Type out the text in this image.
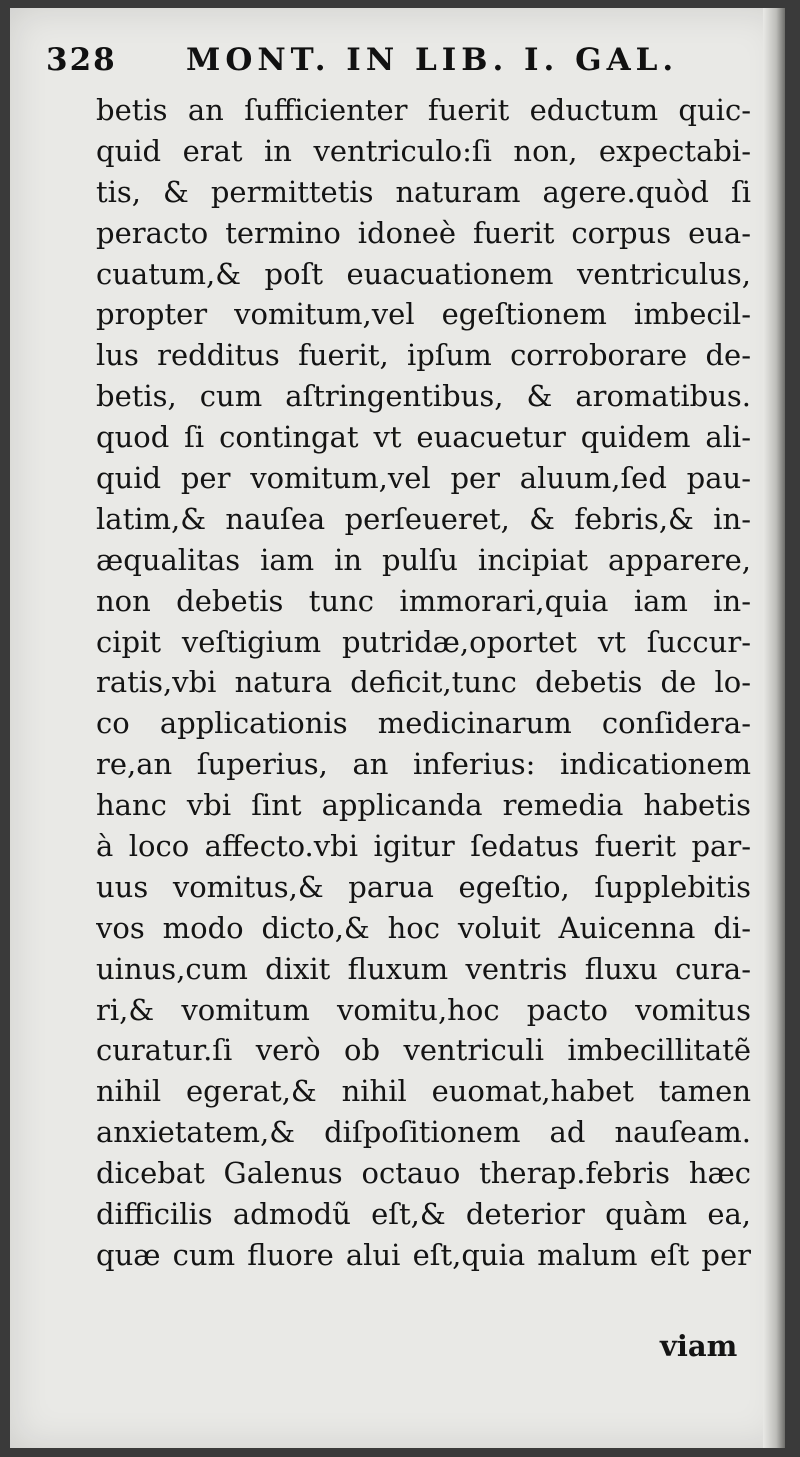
328 MONT. IN LIB. I. GAL.
betis an ſufficienter fuerit eductum quic-
quid erat in ventriculo:ſi non, expectabi-
tis, & permittetis naturam agere.quòd ſi
peracto termino idoneè fuerit corpus eua-
cuatum,& poſt euacuationem ventriculus,
propter vomitum,vel egeſtionem imbecil-
lus redditus fuerit, ipſum corroborare de-
betis, cum aſtringentibus, & aromatibus.
quod ſi contingat vt euacuetur quidem ali-
quid per vomitum,vel per aluum,ſed pau-
latim,& nauſea perſeueret, & febris,& in-
æqualitas iam in pulſu incipiat apparere,
non debetis tunc immorari,quia iam in-
cipit veſtigium putridæ,oportet vt ſuccur-
ratis,vbi natura deficit,tunc debetis de lo-
co applicationis medicinarum conſidera-
re,an ſuperius, an inferius: indicationem
hanc vbi ſint applicanda remedia habetis
à loco affecto.vbi igitur ſedatus fuerit par-
uus vomitus,& parua egeſtio, ſupplebitis
vos modo dicto,& hoc voluit Auicenna di-
uinus,cum dixit fluxum ventris fluxu cura-
ri,& vomitum vomitu,hoc pacto vomitus
curatur.ſi verò ob ventriculi imbecillitatẽ
nihil egerat,& nihil euomat,habet tamen
anxietatem,& diſpoſitionem ad nauſeam.
dicebat Galenus octauo therap.febris hæc
difficilis admodũ eſt,& deterior quàm ea,
quæ cum fluore alui eſt,quia malum eſt per
viam
